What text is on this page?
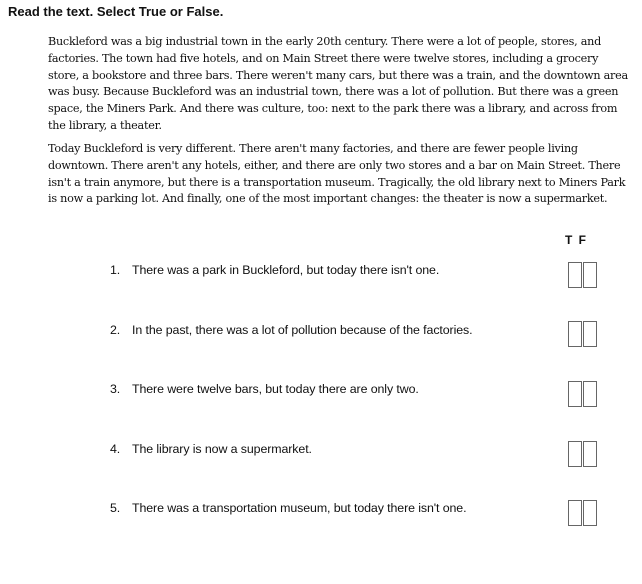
Read the text. Select True or False.

Buckleford was a big industrial town in the early 20th century. There were a lot of people, stores, and factories. The town had five hotels, and on Main Street there were twelve stores, including a grocery store, a bookstore and three bars. There weren't many cars, but there was a train, and the downtown area was busy. Because Buckleford was an industrial town, there was a lot of pollution. But there was a green space, the Miners Park. And there was culture, too: next to the park there was a library, and across from the library, a theater.

Today Buckleford is very different. There aren't many factories, and there are fewer people living downtown. There aren't any hotels, either, and there are only two stores and a bar on Main Street. There isn't a train anymore, but there is a transportation museum. Tragically, the old library next to Miners Park is now a parking lot. And finally, one of the most important changes: the theater is now a supermarket.

T F
1. There was a park in Buckleford, but today there isn't one.
2. In the past, there was a lot of pollution because of the factories.
3. There were twelve bars, but today there are only two.
4. The library is now a supermarket.
5. There was a transportation museum, but today there isn't one.
